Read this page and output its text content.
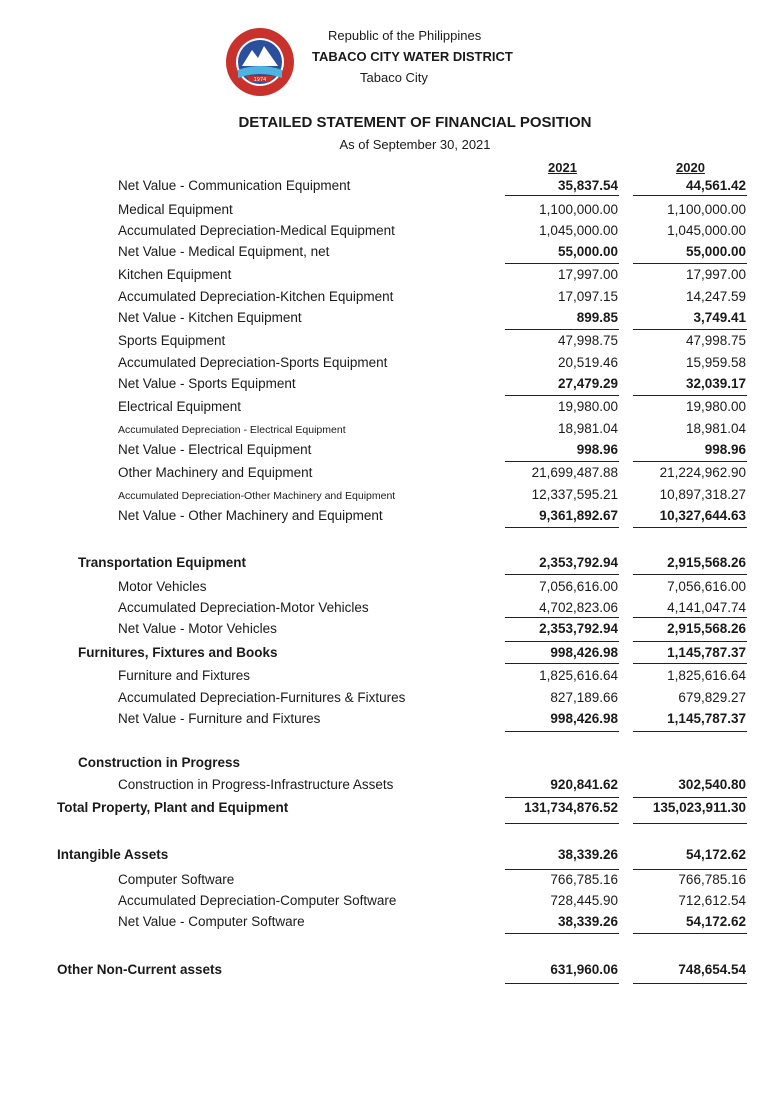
1974
Republic of the Philippines
TABACO CITY WATER DISTRICT
Tabaco City
DETAILED STATEMENT OF FINANCIAL POSITION
As of September 30, 2021
2021	2020
Net Value - Communication Equipment	35,837.54	44,561.42
Medical Equipment	1,100,000.00	1,100,000.00
Accumulated Depreciation-Medical Equipment	1,045,000.00	1,045,000.00
Net Value - Medical Equipment, net	55,000.00	55,000.00
Kitchen Equipment	17,997.00	17,997.00
Accumulated Depreciation-Kitchen Equipment	17,097.15	14,247.59
Net Value - Kitchen Equipment	899.85	3,749.41
Sports Equipment	47,998.75	47,998.75
Accumulated Depreciation-Sports Equipment	20,519.46	15,959.58
Net Value - Sports Equipment	27,479.29	32,039.17
Electrical Equipment	19,980.00	19,980.00
Accumulated Depreciation - Electrical Equipment	18,981.04	18,981.04
Net Value - Electrical Equipment	998.96	998.96
Other Machinery and Equipment	21,699,487.88	21,224,962.90
Accumulated Depreciation-Other Machinery and Equipment	12,337,595.21	10,897,318.27
Net Value - Other Machinery and Equipment	9,361,892.67	10,327,644.63
Transportation Equipment	2,353,792.94	2,915,568.26
Motor Vehicles	7,056,616.00	7,056,616.00
Accumulated Depreciation-Motor Vehicles	4,702,823.06	4,141,047.74
Net Value - Motor Vehicles	2,353,792.94	2,915,568.26
Furnitures, Fixtures and Books	998,426.98	1,145,787.37
Furniture and Fixtures	1,825,616.64	1,825,616.64
Accumulated Depreciation-Furnitures & Fixtures	827,189.66	679,829.27
Net Value - Furniture and Fixtures	998,426.98	1,145,787.37
Construction in Progress
Construction in Progress-Infrastructure Assets	920,841.62	302,540.80
Total Property, Plant and Equipment	131,734,876.52	135,023,911.30
Intangible Assets	38,339.26	54,172.62
Computer Software	766,785.16	766,785.16
Accumulated Depreciation-Computer Software	728,445.90	712,612.54
Net Value - Computer Software	38,339.26	54,172.62
Other Non-Current assets	631,960.06	748,654.54
